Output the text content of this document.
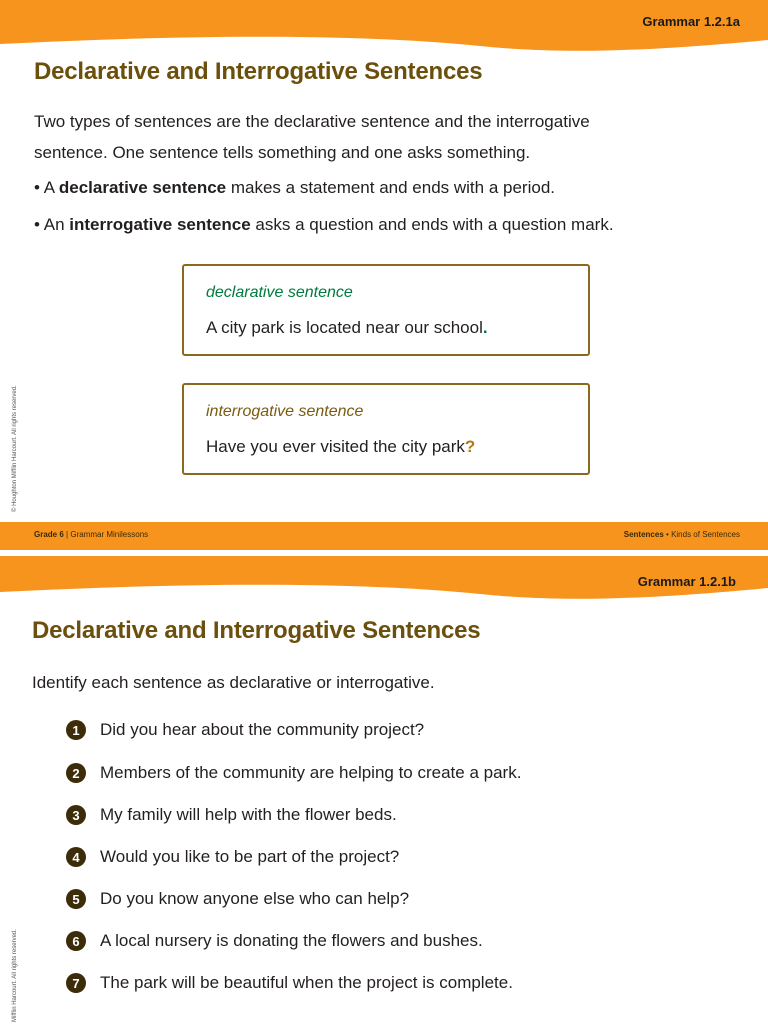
Grammar 1.2.1a
Declarative and Interrogative Sentences
Two types of sentences are the declarative sentence and the interrogative
sentence. One sentence tells something and one asks something.
• A declarative sentence makes a statement and ends with a period.
• An interrogative sentence asks a question and ends with a question mark.
declarative sentence
A city park is located near our school.
interrogative sentence
Have you ever visited the city park?
© Houghton Mifflin Harcourt. All rights reserved.
Grade 6 | Grammar Minilessons	Sentences • Kinds of Sentences
Grammar 1.2.1b
Declarative and Interrogative Sentences
Identify each sentence as declarative or interrogative.
1	Did you hear about the community project?
2	Members of the community are helping to create a park.
3	My family will help with the flower beds.
4	Would you like to be part of the project?
5	Do you know anyone else who can help?
6	A local nursery is donating the flowers and bushes.
7	The park will be beautiful when the project is complete.
Mifflin Harcourt. All rights reserved.
